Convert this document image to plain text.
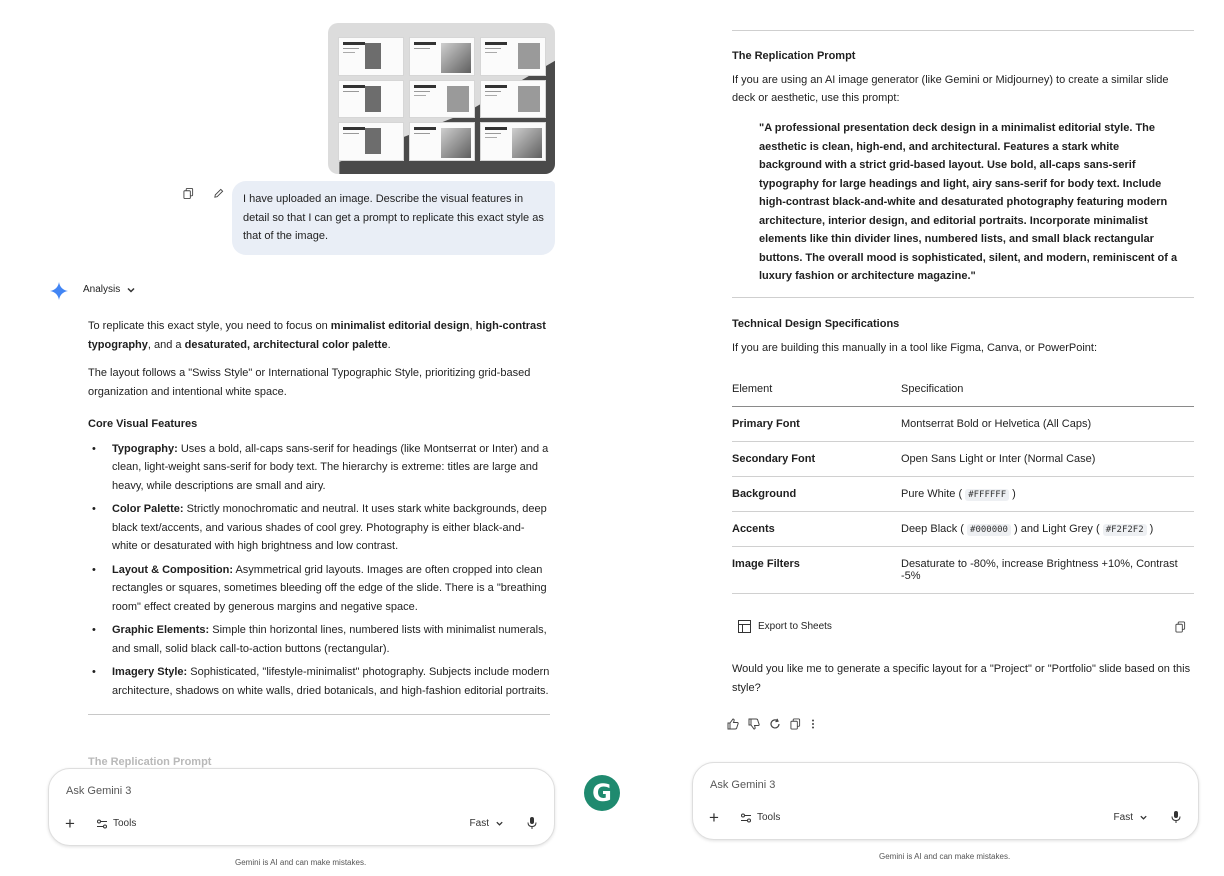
I have uploaded an image. Describe the visual features in detail so that I can get a prompt to replicate this exact style as that of the image.
Analysis

To replicate this exact style, you need to focus on minimalist editorial design, high-contrast typography, and a desaturated, architectural color palette.

The layout follows a "Swiss Style" or International Typographic Style, prioritizing grid-based organization and intentional white space.

Core Visual Features
• Typography: Uses a bold, all-caps sans-serif for headings (like Montserrat or Inter) and a clean, light-weight sans-serif for body text. The hierarchy is extreme: titles are large and heavy, while descriptions are small and airy.
• Color Palette: Strictly monochromatic and neutral. It uses stark white backgrounds, deep black text/accents, and various shades of cool grey. Photography is either black-and-white or desaturated with high brightness and low contrast.
• Layout & Composition: Asymmetrical grid layouts. Images are often cropped into clean rectangles or squares, sometimes bleeding off the edge of the slide. There is a "breathing room" effect created by generous margins and negative space.
• Graphic Elements: Simple thin horizontal lines, numbered lists with minimalist numerals, and small, solid black call-to-action buttons (rectangular).
• Imagery Style: Sophisticated, "lifestyle-minimalist" photography. Subjects include modern architecture, shadows on white walls, dried botanicals, and high-fashion editorial portraits.
The Replication Prompt
Ask Gemini 3
+	Tools	Fast
Gemini is AI and can make mistakes.
G
The Replication Prompt

If you are using an AI image generator (like Gemini or Midjourney) to create a similar slide deck or aesthetic, use this prompt:

"A professional presentation deck design in a minimalist editorial style. The aesthetic is clean, high-end, and architectural. Features a stark white background with a strict grid-based layout. Use bold, all-caps sans-serif typography for large headings and light, airy sans-serif for body text. Include high-contrast black-and-white and desaturated photography featuring modern architecture, interior design, and editorial portraits. Incorporate minimalist elements like thin divider lines, numbered lists, and small black rectangular buttons. The overall mood is sophisticated, silent, and modern, reminiscent of a luxury fashion or architecture magazine."
Technical Design Specifications

If you are building this manually in a tool like Figma, Canva, or PowerPoint:

Element	Specification
Primary Font	Montserrat Bold or Helvetica (All Caps)
Secondary Font	Open Sans Light or Inter (Normal Case)
Background	Pure White ( #FFFFFF )
Accents	Deep Black ( #000000 ) and Light Grey ( #F2F2F2 )
Image Filters	Desaturate to -80%, increase Brightness +10%, Contrast -5%
Export to Sheets
Would you like me to generate a specific layout for a "Project" or "Portfolio" slide based on this style?
Ask Gemini 3
+	Tools	Fast
Gemini is AI and can make mistakes.
